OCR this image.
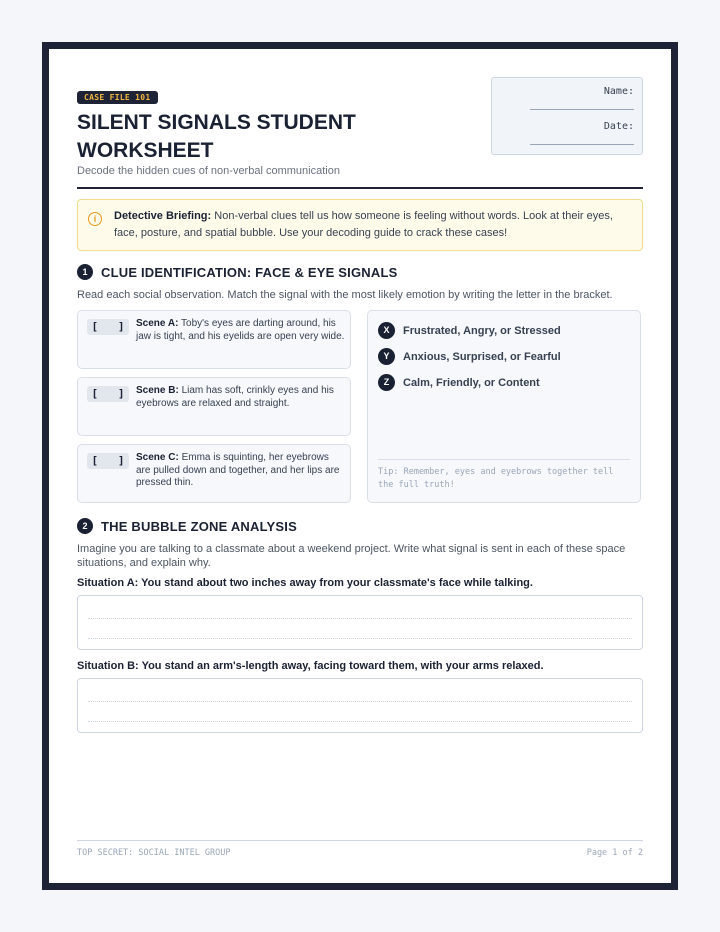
CASE FILE 101
SILENT SIGNALS STUDENT WORKSHEET
Decode the hidden cues of non-verbal communication
Name:
Date:
i	Detective Briefing: Non-verbal clues tell us how someone is feeling without words. Look at their eyes, face, posture, and spatial bubble. Use your decoding guide to crack these cases!
1	CLUE IDENTIFICATION: FACE & EYE SIGNALS
Read each social observation. Match the signal with the most likely emotion by writing the letter in the bracket.
[   ]	Scene A: Toby's eyes are darting around, his jaw is tight, and his eyelids are open very wide.
[   ]	Scene B: Liam has soft, crinkly eyes and his eyebrows are relaxed and straight.
[   ]	Scene C: Emma is squinting, her eyebrows are pulled down and together, and her lips are pressed thin.
X	Frustrated, Angry, or Stressed
Y	Anxious, Surprised, or Fearful
Z	Calm, Friendly, or Content
Tip: Remember, eyes and eyebrows together tell the full truth!
2	THE BUBBLE ZONE ANALYSIS
Imagine you are talking to a classmate about a weekend project. Write what signal is sent in each of these space situations, and explain why.
Situation A: You stand about two inches away from your classmate's face while talking.
Situation B: You stand an arm's-length away, facing toward them, with your arms relaxed.
TOP SECRET: SOCIAL INTEL GROUP	Page 1 of 2
